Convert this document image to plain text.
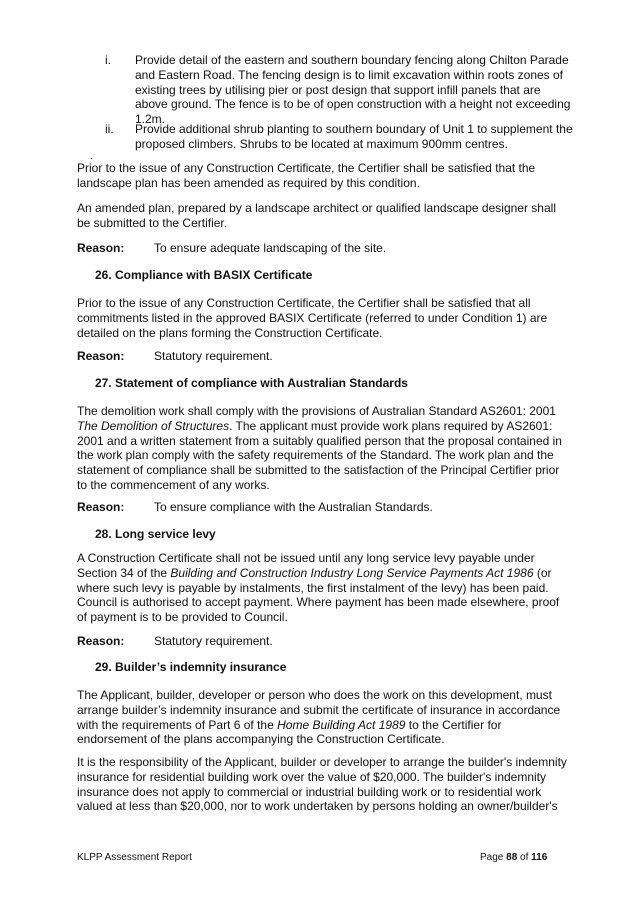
i.	Provide detail of the eastern and southern boundary fencing along Chilton Parade and Eastern Road. The fencing design is to limit excavation within roots zones of existing trees by utilising pier or post design that support infill panels that are above ground. The fence is to be of open construction with a height not exceeding 1.2m.
ii.	Provide additional shrub planting to southern boundary of Unit 1 to supplement the proposed climbers. Shrubs to be located at maximum 900mm centres.
.

Prior to the issue of any Construction Certificate, the Certifier shall be satisfied that the landscape plan has been amended as required by this condition.

An amended plan, prepared by a landscape architect or qualified landscape designer shall be submitted to the Certifier.

Reason: To ensure adequate landscaping of the site.
26. Compliance with BASIX Certificate

Prior to the issue of any Construction Certificate, the Certifier shall be satisfied that all commitments listed in the approved BASIX Certificate (referred to under Condition 1) are detailed on the plans forming the Construction Certificate.

Reason: Statutory requirement.
27. Statement of compliance with Australian Standards

The demolition work shall comply with the provisions of Australian Standard AS2601: 2001 The Demolition of Structures. The applicant must provide work plans required by AS2601: 2001 and a written statement from a suitably qualified person that the proposal contained in the work plan comply with the safety requirements of the Standard. The work plan and the statement of compliance shall be submitted to the satisfaction of the Principal Certifier prior to the commencement of any works.

Reason: To ensure compliance with the Australian Standards.
28. Long service levy

A Construction Certificate shall not be issued until any long service levy payable under Section 34 of the Building and Construction Industry Long Service Payments Act 1986 (or where such levy is payable by instalments, the first instalment of the levy) has been paid. Council is authorised to accept payment. Where payment has been made elsewhere, proof of payment is to be provided to Council.

Reason: Statutory requirement.
29. Builder’s indemnity insurance

The Applicant, builder, developer or person who does the work on this development, must arrange builder’s indemnity insurance and submit the certificate of insurance in accordance with the requirements of Part 6 of the Home Building Act 1989 to the Certifier for endorsement of the plans accompanying the Construction Certificate.

It is the responsibility of the Applicant, builder or developer to arrange the builder's indemnity insurance for residential building work over the value of $20,000. The builder's indemnity insurance does not apply to commercial or industrial building work or to residential work valued at less than $20,000, nor to work undertaken by persons holding an owner/builder's

KLPP Assessment Report	Page 88 of 116
